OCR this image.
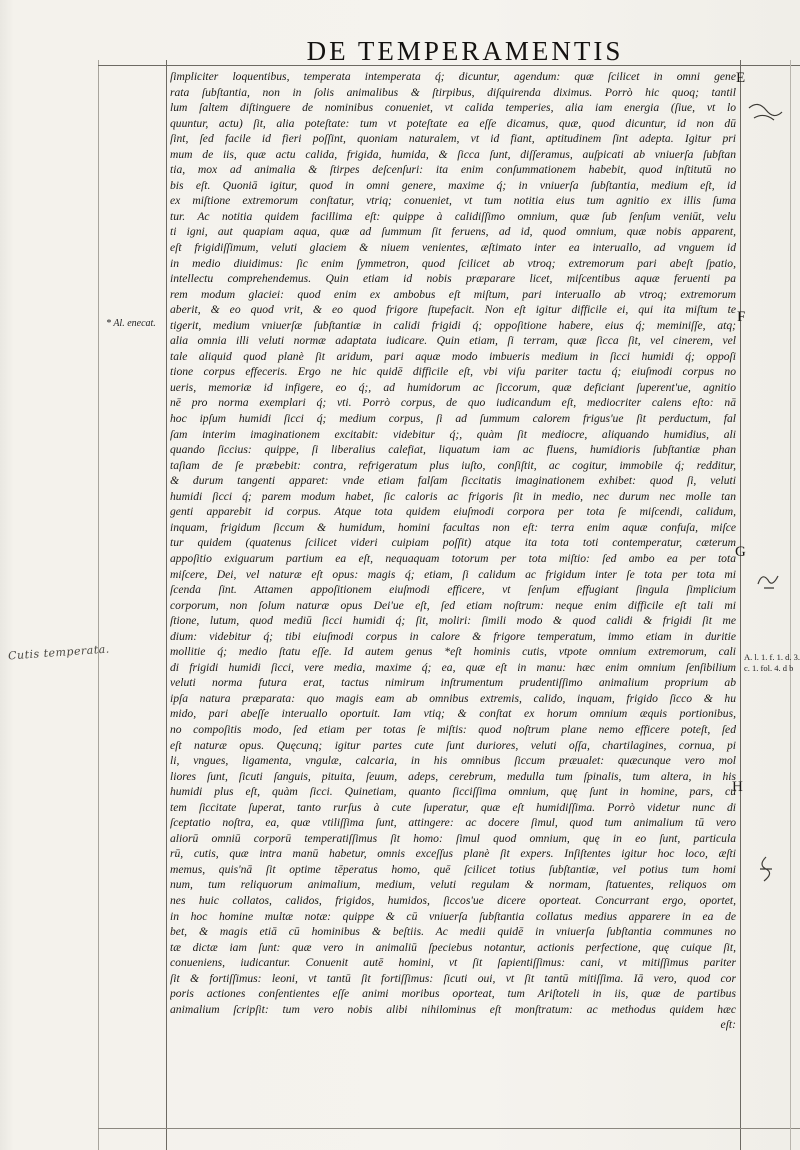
DE TEMPERAMENTIS
ſimpliciter loquentibus, temperata intemperata q́; dicuntur, agendum: quæ ſcilicet in omni gene
rata ſubſtantia, non in ſolis animalibus & ſtirpibus, diſquirenda diximus. Porrò hic quoq; tantil
lum ſaltem diſtinguere de nominibus conueniet, vt calida temperies, alia iam energia (ſiue, vt lo
quuntur, actu) ſit, alia poteſtate: tum vt poteſtate ea eſſe dicamus, quæ, quod dicuntur, id non dū
ſint, ſed facile id fieri poſſint, quoniam naturalem, vt id fiant, aptitudinem ſint adepta. Igitur pri
mum de iis, quæ actu calida, frigida, humida, & ſicca ſunt, diſſeramus, auſpicati ab vniuerſa ſubſtan
tia, mox ad animalia & ſtirpes deſcenſuri: ita enim conſummationem habebit, quod inſtitutū no
bis eſt. Quoniā igitur, quod in omni genere, maxime q́; in vniuerſa ſubſtantia, medium eſt, id
ex miſtione extremorum conſtatur, vtriq; conueniet, vt tum notitia eius tum agnitio ex illis ſuma
tur. Ac notitia quidem facillima eſt: quippe à calidiſſimo omnium, quæ ſub ſenſum veniūt, velu
ti igni, aut quapiam aqua, quæ ad ſummum ſit feruens, ad id, quod omnium, quæ nobis apparent,
eſt frigidiſſimum, veluti glaciem & niuem venientes, æſtimato inter ea interuallo, ad vnguem id
in medio diuidimus: ſic enim ſymmetron, quod ſcilicet ab vtroq; extremorum pari abeſt ſpatio,
intellectu comprehendemus. Quin etiam id nobis præparare licet, miſcentibus aquæ feruenti pa
rem modum glaciei: quod enim ex ambobus eſt miſtum, pari interuallo ab vtroq; extremorum
aberit, & eo quod vrit, & eo quod frigore ſtupefacit. Non eſt igitur difficile ei, qui ita miſtum te
tigerit, medium vniuerſæ ſubſtantiæ in calidi frigidi q́; oppoſitione habere, eius q́; meminiſſe, atq;
alia omnia illi veluti normæ adaptata iudicare. Quin etiam, ſi terram, quæ ſicca ſit, vel cinerem, vel
tale aliquid quod planè ſit aridum, pari aquæ modo imbueris medium in ſicci humidi q́; oppoſi
tione corpus effeceris. Ergo ne hic quidē difficile eſt, vbi viſu pariter tactu q́; eiuſmodi corpus no
ueris, memoriæ id infigere, eo q́;, ad humidorum ac ſiccorum, quæ deficiant ſuperent'ue, agnitio
nē pro norma exemplari q́; vti. Porrò corpus, de quo iudicandum eſt, mediocriter calens eſto: nā
hoc ipſum humidi ſicci q́; medium corpus, ſi ad ſummum calorem frigus'ue ſit perductum, fal
ſam interim imaginationem excitabit: videbitur q́;, quàm ſit mediocre, aliquando humidius, ali
quando ſiccius: quippe, ſi liberalius calefiat, liquatum iam ac fluens, humidioris ſubſtantiæ phan
taſiam de ſe præbebit: contra, refrigeratum plus iuſto, conſiſtit, ac cogitur, immobile q́; redditur,
& durum tangenti apparet: vnde etiam falſam ſiccitatis imaginationem exhibet: quod ſi, veluti
humidi ſicci q́; parem modum habet, ſic caloris ac frigoris ſit in medio, nec durum nec molle tan
genti apparebit id corpus. Atque tota quidem eiuſmodi corpora per tota ſe miſcendi, calidum,
inquam, frigidum ſiccum & humidum, homini facultas non eſt: terra enim aquæ confuſa, miſce
tur quidem (quatenus ſcilicet videri cuipiam poſſit) atque ita tota toti contemperatur, cæterum
appoſitio exiguarum partium ea eſt, nequaquam totorum per tota miſtio: ſed ambo ea per tota
miſcere, Dei, vel naturæ eſt opus: magis q́; etiam, ſi calidum ac frigidum inter ſe tota per tota mi
ſcenda ſint. Attamen appoſitionem eiuſmodi efficere, vt ſenſum effugiant ſingula ſimplicium
corporum, non ſolum naturæ opus Dei'ue eſt, ſed etiam noſtrum: neque enim difficile eſt tali mi
ſtione, lutum, quod mediū ſicci humidi q́; ſit, moliri: ſimili modo & quod calidi & frigidi ſit me
dium: videbitur q́; tibi eiuſmodi corpus in calore & frigore temperatum, immo etiam in duritie
mollitie q́; medio ſtatu eſſe. Id autem genus *eſt hominis cutis, vtpote omnium extremorum, cali
di frigidi humidi ſicci, vere media, maxime q́; ea, quæ eſt in manu: hæc enim omnium ſenſibilium
veluti norma futura erat, tactus nimirum inſtrumentum prudentiſſimo animalium proprium ab
ipſa natura præparata: quo magis eam ab omnibus extremis, calido, inquam, frigido ſicco & hu
mido, pari abeſſe interuallo oportuit. Iam vtiq; & conſtat ex horum omnium æquis portionibus,
no compoſitis modo, ſed etiam per totas ſe miſtis: quod noſtrum plane nemo efficere poteſt, ſed
eſt naturæ opus. Quęcunq; igitur partes cute ſunt duriores, veluti oſſa, chartilagines, cornua, pi
li, vngues, ligamenta, vngulæ, calcaria, in his omnibus ſiccum præualet: quæcunque vero mol
liores ſunt, ſicuti ſanguis, pituita, ſeuum, adeps, cerebrum, medulla tum ſpinalis, tum altera, in his
humidi plus eſt, quàm ſicci. Quinetiam, quanto ſicciſſima omnium, quę ſunt in homine, pars, cu
tem ſiccitate ſuperat, tanto rurſus à cute ſuperatur, quæ eſt humidiſſima. Porrò videtur nunc di
ſceptatio noſtra, ea, quæ vtiliſſima ſunt, attingere: ac docere ſimul, quod tum animalium tū vero
aliorū omniū corporū temperatiſſimus ſit homo: ſimul quod omnium, quę in eo ſunt, particula
rū, cutis, quæ intra manū habetur, omnis exceſſus planè ſit expers. Inſiſtentes igitur hoc loco, æſti
memus, quis'nā ſit optime tēperatus homo, quē ſcilicet totius ſubſtantiæ, vel potius tum homi
num, tum reliquorum animalium, medium, veluti regulam & normam, ſtatuentes, reliquos om
nes huic collatos, calidos, frigidos, humidos, ſiccos'ue dicere oporteat. Concurrant ergo, oportet,
in hoc homine multæ notæ: quippe & cū vniuerſa ſubſtantia collatus medius apparere in ea de
bet, & magis etiā cū hominibus & beſtiis. Ac medii quidē in vniuerſa ſubſtantia communes no
tæ dictæ iam ſunt: quæ vero in animaliū ſpeciebus notantur, actionis perfectione, quę cuique ſit,
conueniens, iudicantur. Conuenit autē homini, vt ſit ſapientiſſimus: cani, vt mitiſſimus pariter
ſit & fortiſſimus: leoni, vt tantū ſit fortiſſimus: ſicuti oui, vt ſit tantū mitiſſima. Iā vero, quod cor
poris actiones conſentientes eſſe animi moribus oporteat, tum Ariſtoteli in iis, quæ de partibus
animalium ſcripſit: tum vero nobis alibi nihilominus eſt monſtratum: ac methodus quidem hæc
eſt:
* Al. enecat.
Cutis temperata.
E
F
G
H
A. l. 1. f. 1. d. 3.
c. 1. fol. 4. d b
